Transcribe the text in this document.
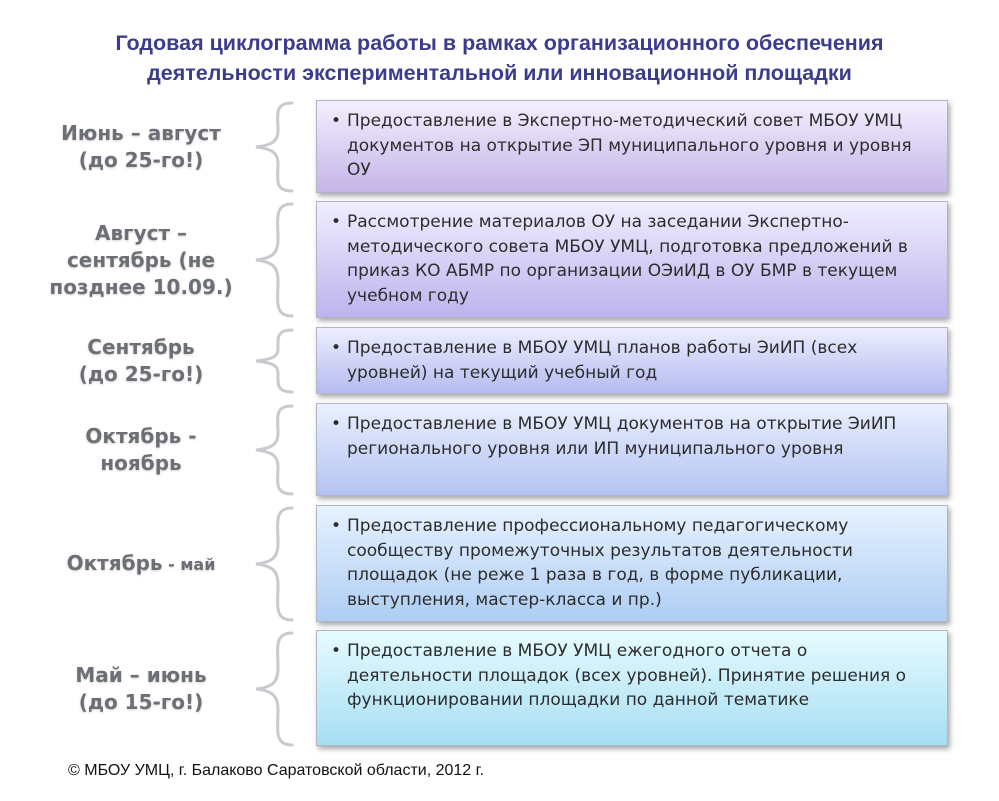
Годовая циклограмма работы в рамках организационного обеспечения
деятельности экспериментальной или инновационной площадки
Июнь – август
(до 25-го!)
• Предоставление в Экспертно-методический совет МБОУ УМЦ документов на открытие ЭП муниципального уровня и уровня ОУ
Август –
сентябрь (не
позднее 10.09.)
• Рассмотрение материалов ОУ на заседании Экспертно-методического совета МБОУ УМЦ, подготовка предложений в приказ КО АБМР по организации ОЭиИД в ОУ БМР в текущем учебном году
Сентябрь
(до 25-го!)
• Предоставление в МБОУ УМЦ планов работы ЭиИП (всех уровней) на текущий учебный год
Октябрь -
ноябрь
• Предоставление в МБОУ УМЦ документов на открытие ЭиИП регионального уровня или ИП муниципального уровня
Октябрь - май
• Предоставление профессиональному педагогическому сообществу промежуточных результатов деятельности площадок (не реже 1 раза в год, в форме публикации, выступления, мастер-класса и пр.)
Май – июнь
(до 15-го!)
• Предоставление в МБОУ УМЦ ежегодного отчета о деятельности площадок (всех уровней). Принятие решения о функционировании площадки по данной тематике
© МБОУ УМЦ, г. Балаково Саратовской области, 2012 г.
